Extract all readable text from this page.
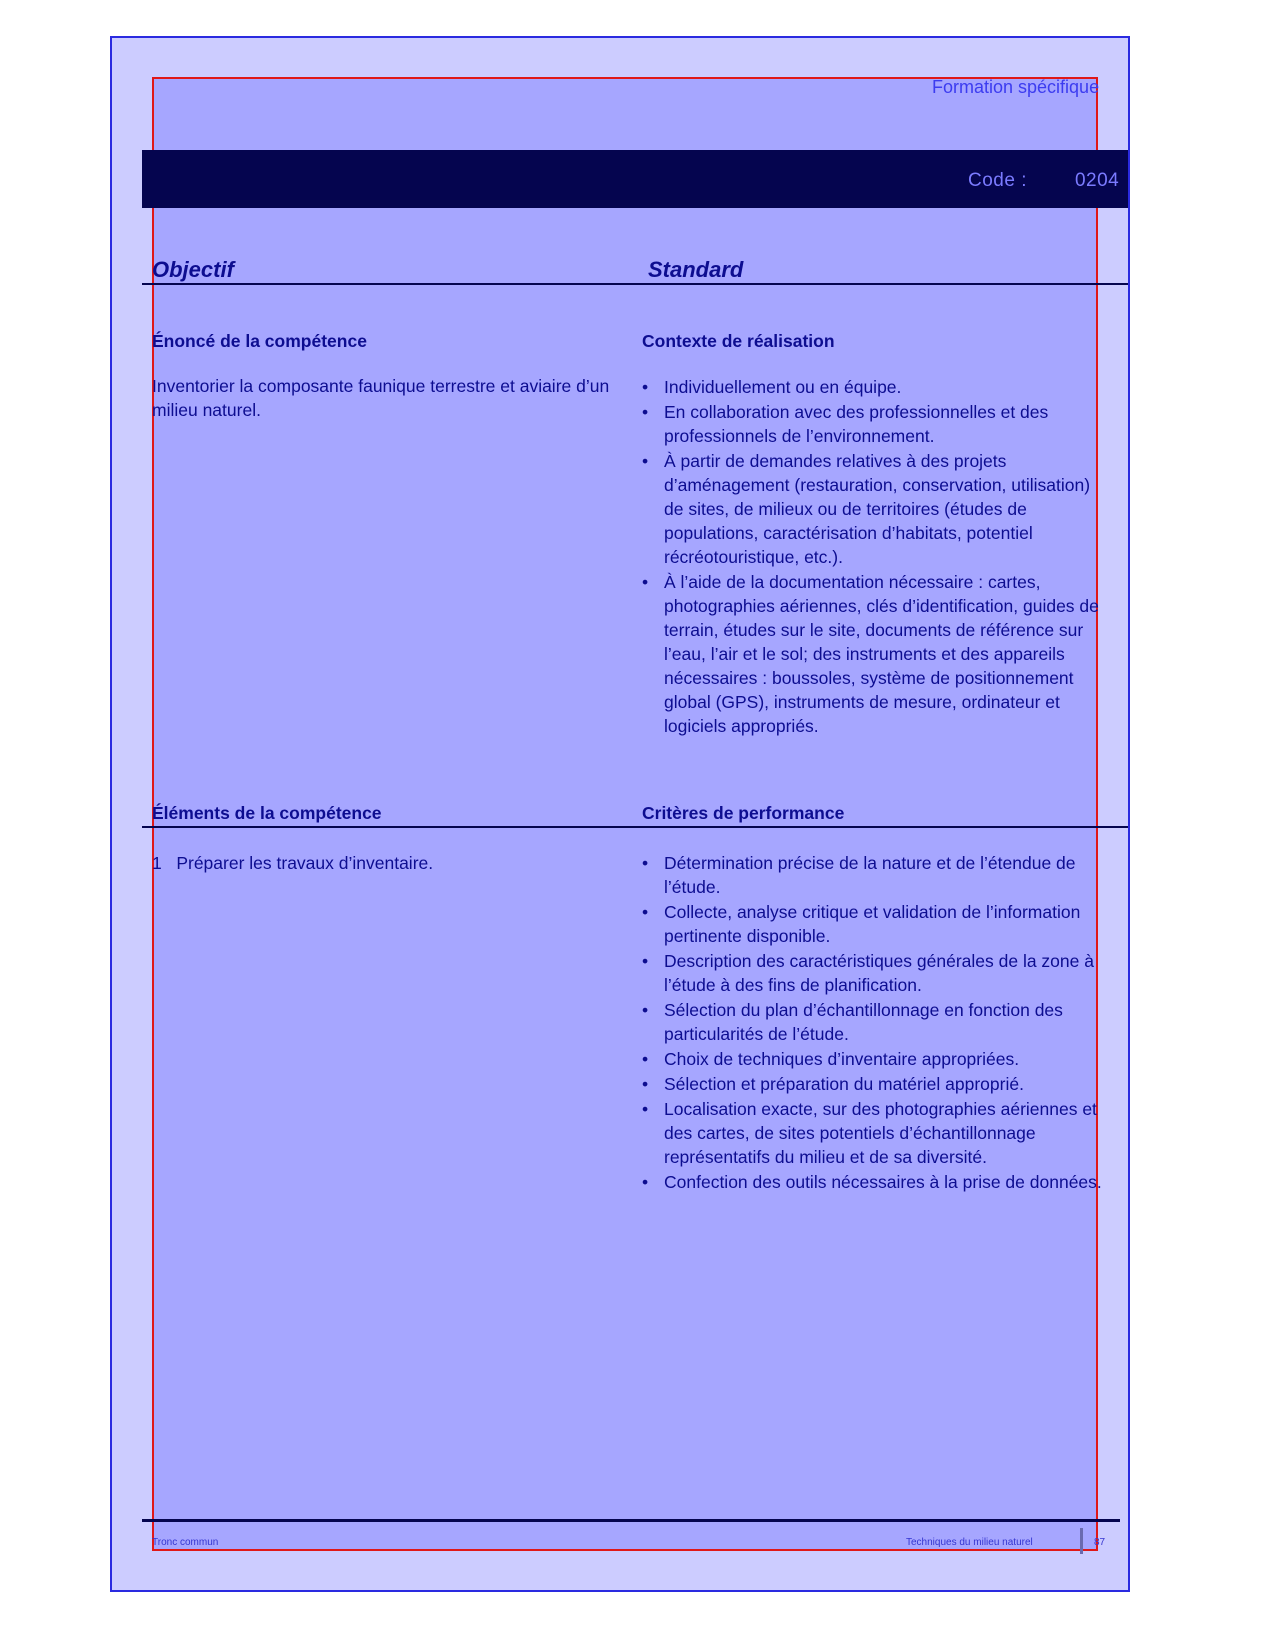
Formation spécifique
Code :	0204
Objectif	Standard
Énoncé de la compétence	Contexte de réalisation
Inventorier la composante faunique terrestre et aviaire d’un milieu naturel.
• Individuellement ou en équipe.
• En collaboration avec des professionnelles et des professionnels de l’environnement.
• À partir de demandes relatives à des projets d’aménagement (restauration, conservation, utilisation) de sites, de milieux ou de territoires (études de populations, caractérisation d’habitats, potentiel récréotouristique, etc.).
• À l’aide de la documentation nécessaire : cartes, photographies aériennes, clés d’identification, guides de terrain, études sur le site, documents de référence sur l’eau, l’air et le sol; des instruments et des appareils nécessaires : boussoles, système de positionnement global (GPS), instruments de mesure, ordinateur et logiciels appropriés.
Éléments de la compétence	Critères de performance
1   Préparer les travaux d’inventaire.
•	Détermination précise de la nature et de l’étendue de l’étude.
• Collecte, analyse critique et validation de l’information pertinente disponible.
• Description des caractéristiques générales de la zone à l’étude à des fins de planification.
• Sélection du plan d’échantillonnage en fonction des particularités de l’étude.
• Choix de techniques d’inventaire appropriées.
• Sélection et préparation du matériel approprié.
• Localisation exacte, sur des photographies aériennes et des cartes, de sites potentiels d’échantillonnage représentatifs du milieu et de sa diversité.
• Confection des outils nécessaires à la prise de données.
Tronc commun	Techniques du milieu naturel	87
